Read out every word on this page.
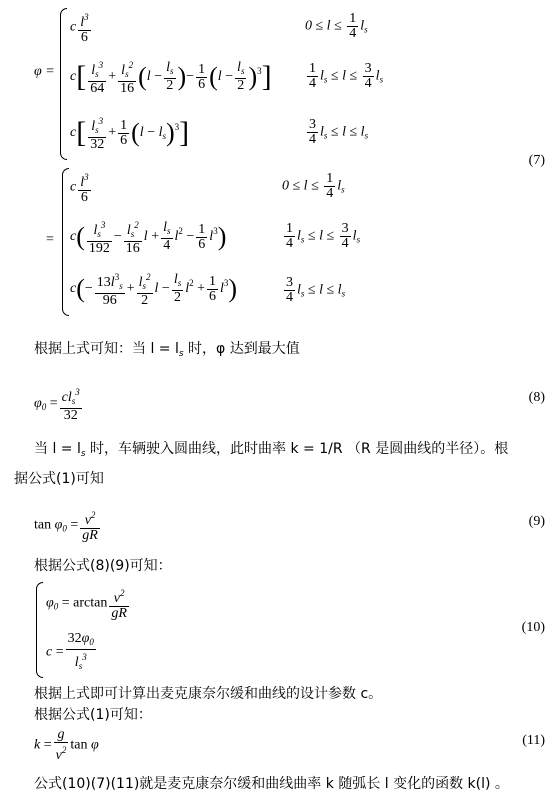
φ =
c $\frac{l^3}{6}$	$0 \le l \le \frac{1}{4} l_s$
$c[ \frac{l_s^3}{64} + \frac{l_s^2}{16} (l - \frac{l_s}{2}$ )− $\frac{1}{6} (l - \frac{l_s}{2} )^3$]	$\frac{1}{4} l_s \le l \le \frac{3}{4} l_s$
$c[ \frac{l_s^3}{32} + \frac{1}{6} (l - l_s)^3]$	$\frac{3}{4} l_s \le l \le l_s$
(7)
=
c $\frac{l^3}{6}$	$0 \le l \le \frac{1}{4} l_s$
$c( \frac{l_s^3}{192} - \frac{l_s^2}{16}$ $l + \frac{l_s}{4} l^2 - \frac{1}{6} l^3$)	$\frac{1}{4} l_s \le l \le \frac{3}{4} l_s$
$c(- \frac{13l^3_s}{96} + \frac{l_s^2}{2}$ $l - \frac{l_s}{2} l^2 + \frac{1}{6} l^3$)	$\frac{3}{4} l_s \le l \le l_s$
根据上式可知：当 $l = l_s$ 时，φ 达到最大值
$\varphi_0 = \frac{cl_s^3}{32}$	(8)
当 $l = l_s$ 时，车辆驶入圆曲线，此时曲率 k = 1/R （R 是圆曲线的半径）。根
据公式(1)可知
$\tan \varphi_0 = \frac{v^2}{gR}$	(9)
根据公式(8)(9)可知：
$\varphi_0 = \arctan \frac{v^2}{gR}$
$c = \frac{32\varphi_0}{l_s^3}$
(10)
根据上式即可计算出麦克康奈尔缓和曲线的设计参数 c。
根据公式(1)可知：
$k = \frac{g}{v^2}$ tan φ	(11)
公式(10)(7)(11)就是麦克康奈尔缓和曲线曲率 k 随弧长 l 变化的函数 k(l) 。
